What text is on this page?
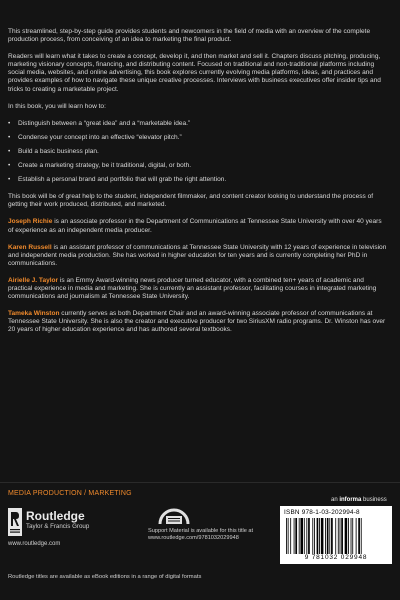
This streamlined, step-by-step guide provides students and newcomers in the field of media with an overview of the complete production process, from conceiving of an idea to marketing the final product.

Readers will learn what it takes to create a concept, develop it, and then market and sell it. Chapters discuss pitching, producing, marketing visionary concepts, financing, and distributing content. Focused on traditional and non-traditional platforms including social media, websites, and online advertising, this book explores currently evolving media platforms, ideas, and practices and provides examples of how to navigate these unique creative processes. Interviews with business executives offer insider tips and tricks to creating a marketable project.

In this book, you will learn how to:

• Distinguish between a “great idea” and a “marketable idea.”
• Condense your concept into an effective “elevator pitch.”
• Build a basic business plan.
• Create a marketing strategy, be it traditional, digital, or both.
• Establish a personal brand and portfolio that will grab the right attention.

This book will be of great help to the student, independent filmmaker, and content creator looking to understand the process of getting their work produced, distributed, and marketed.

Joseph Richie is an associate professor in the Department of Communications at Tennessee State University with over 40 years of experience as an independent media producer.
Karen Russell is an assistant professor of communications at Tennessee State University with 12 years of experience in television and independent media production. She has worked in higher education for ten years and is currently completing her PhD in communications.
Airielle J. Taylor is an Emmy Award-winning news producer turned educator, with a combined ten+ years of academic and practical experience in media and marketing. She is currently an assistant professor, facilitating courses in integrated marketing communications and journalism at Tennessee State University.
Tameka Winston currently serves as both Department Chair and an award-winning associate professor of communications at Tennessee State University. She is also the creator and executive producer for two SiriusXM radio programs. Dr. Winston has over 20 years of higher education experience and has authored several textbooks.
MEDIA PRODUCTION / MARKETING
Routledge
Taylor & Francis Group
www.routledge.com
Support Material is available for this title at
www.routledge.com/9781032029948
an informa business
ISBN 978-1-03-202994-8
9 781032 029948
Routledge titles are available as eBook editions in a range of digital formats
